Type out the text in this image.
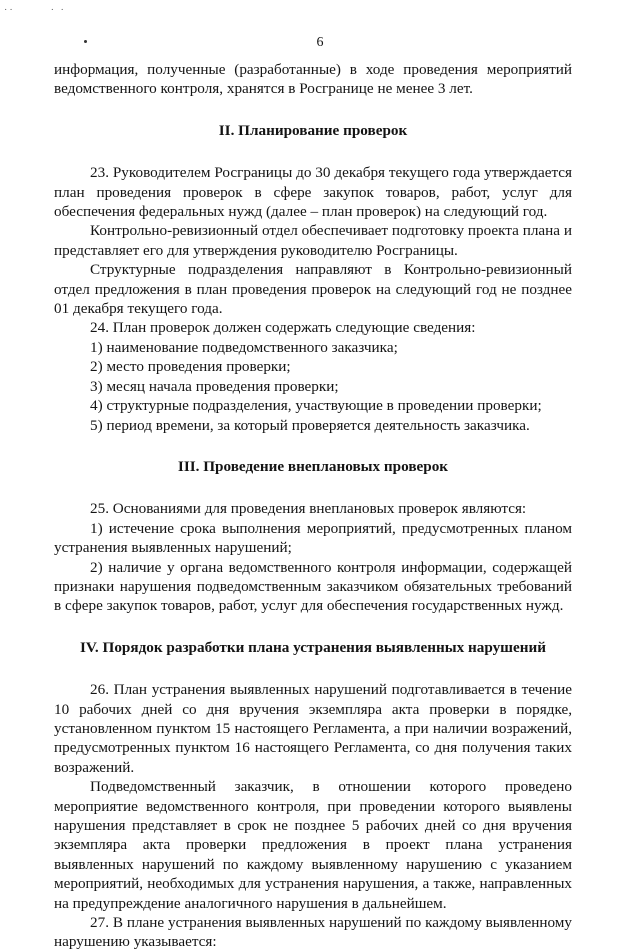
˙˙        ˙ ˙
6

информация, полученные (разработанные) в ходе проведения мероприятий ведомственного контроля, хранятся в Росгранице не менее 3 лет.

II. Планирование проверок

23. Руководителем Росграницы до 30 декабря текущего года утверждается план проведения проверок в сфере закупок товаров, работ, услуг для обеспечения федеральных нужд (далее – план проверок) на следующий год.

Контрольно-ревизионный отдел обеспечивает подготовку проекта плана и представляет его для утверждения руководителю Росграницы.

Структурные подразделения направляют в Контрольно-ревизионный отдел предложения в план проведения проверок на следующий год не позднее 01 декабря текущего года.

24. План проверок должен содержать следующие сведения:

1) наименование подведомственного заказчика;

2) место проведения проверки;

3) месяц начала проведения проверки;

4) структурные подразделения, участвующие в проведении проверки;

5) период времени, за который проверяется деятельность заказчика.

III. Проведение внеплановых проверок

25. Основаниями для проведения внеплановых проверок являются:

1) истечение срока выполнения мероприятий, предусмотренных планом устранения выявленных нарушений;

2) наличие у органа ведомственного контроля информации, содержащей признаки нарушения подведомственным заказчиком обязательных требований в сфере закупок товаров, работ, услуг для обеспечения государственных нужд.

IV. Порядок разработки плана устранения выявленных нарушений

26. План устранения выявленных нарушений подготавливается в течение 10 рабочих дней со дня вручения экземпляра акта проверки в порядке, установленном пунктом 15 настоящего Регламента, а при наличии возражений, предусмотренных пунктом 16 настоящего Регламента, со дня получения таких возражений.

Подведомственный заказчик, в отношении которого проведено мероприятие ведомственного контроля, при проведении которого выявлены нарушения представляет в срок не позднее 5 рабочих дней со дня вручения экземпляра акта проверки предложения в проект плана устранения выявленных нарушений по каждому выявленному нарушению с указанием мероприятий, необходимых для устранения нарушения, а также, направленных на предупреждение аналогичного нарушения в дальнейшем.

27. В плане устранения выявленных нарушений по каждому выявленному нарушению указывается:
